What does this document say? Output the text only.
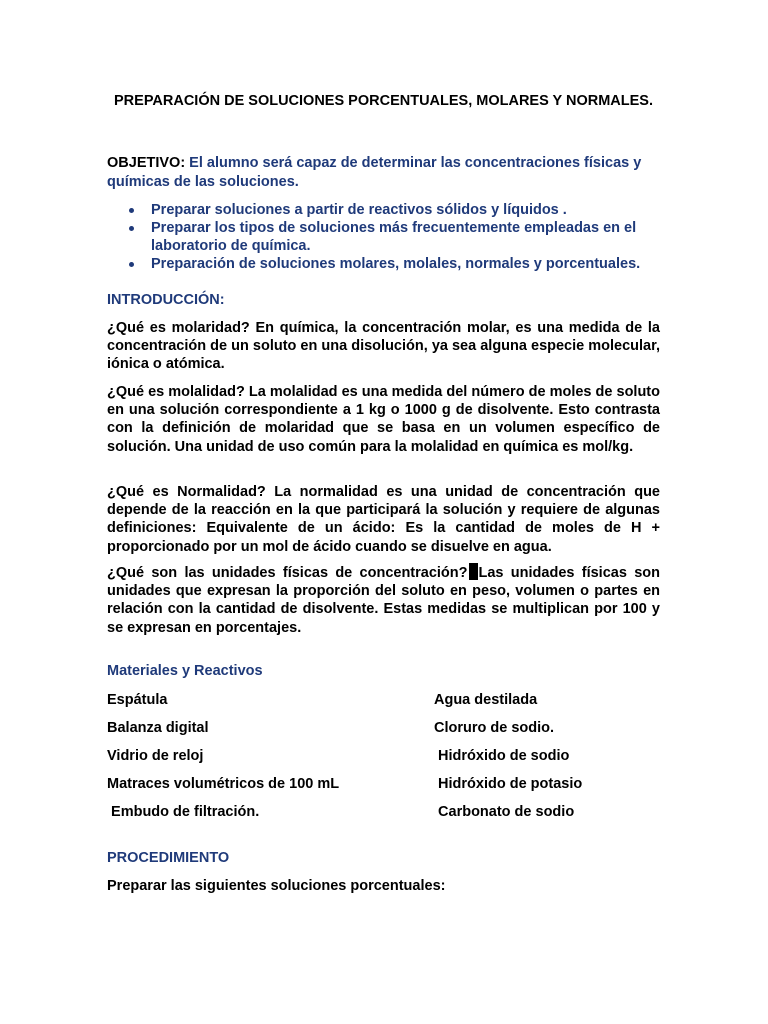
PREPARACIÓN DE SOLUCIONES PORCENTUALES, MOLARES Y NORMALES.

OBJETIVO: El alumno será capaz de determinar las concentraciones físicas y químicas de las soluciones.

Preparar soluciones a partir de reactivos sólidos y líquidos .
Preparar los tipos de soluciones más frecuentemente empleadas en el laboratorio de química.
Preparación de soluciones molares, molales, normales y porcentuales.

INTRODUCCIÓN:

¿Qué es molaridad? En química, la concentración molar, es una medida de la concentración de un soluto en una disolución, ya sea alguna especie molecular, iónica o atómica.

¿Qué es molalidad? La molalidad es una medida del número de moles de soluto en una solución correspondiente a 1 kg o 1000 g de disolvente. Esto contrasta con la definición de molaridad que se basa en un volumen específico de solución. Una unidad de uso común para la molalidad en química es mol/kg.

¿Qué es Normalidad? La normalidad es una unidad de concentración que depende de la reacción en la que participará la solución y requiere de algunas definiciones: Equivalente de un ácido: Es la cantidad de moles de H + proporcionado por un mol de ácido cuando se disuelve en agua.

¿Qué son las unidades físicas de concentración? Las unidades físicas son unidades que expresan la proporción del soluto en peso, volumen o partes en relación con la cantidad de disolvente. Estas medidas se multiplican por 100 y se expresan en porcentajes.

Materiales y Reactivos

Espátula
Balanza digital
Vidrio de reloj
Matraces volumétricos de 100 mL
Embudo de filtración.
Agua destilada
Cloruro de sodio.
Hidróxido de sodio
Hidróxido de potasio
Carbonato de sodio

PROCEDIMIENTO

Preparar las siguientes soluciones porcentuales:
